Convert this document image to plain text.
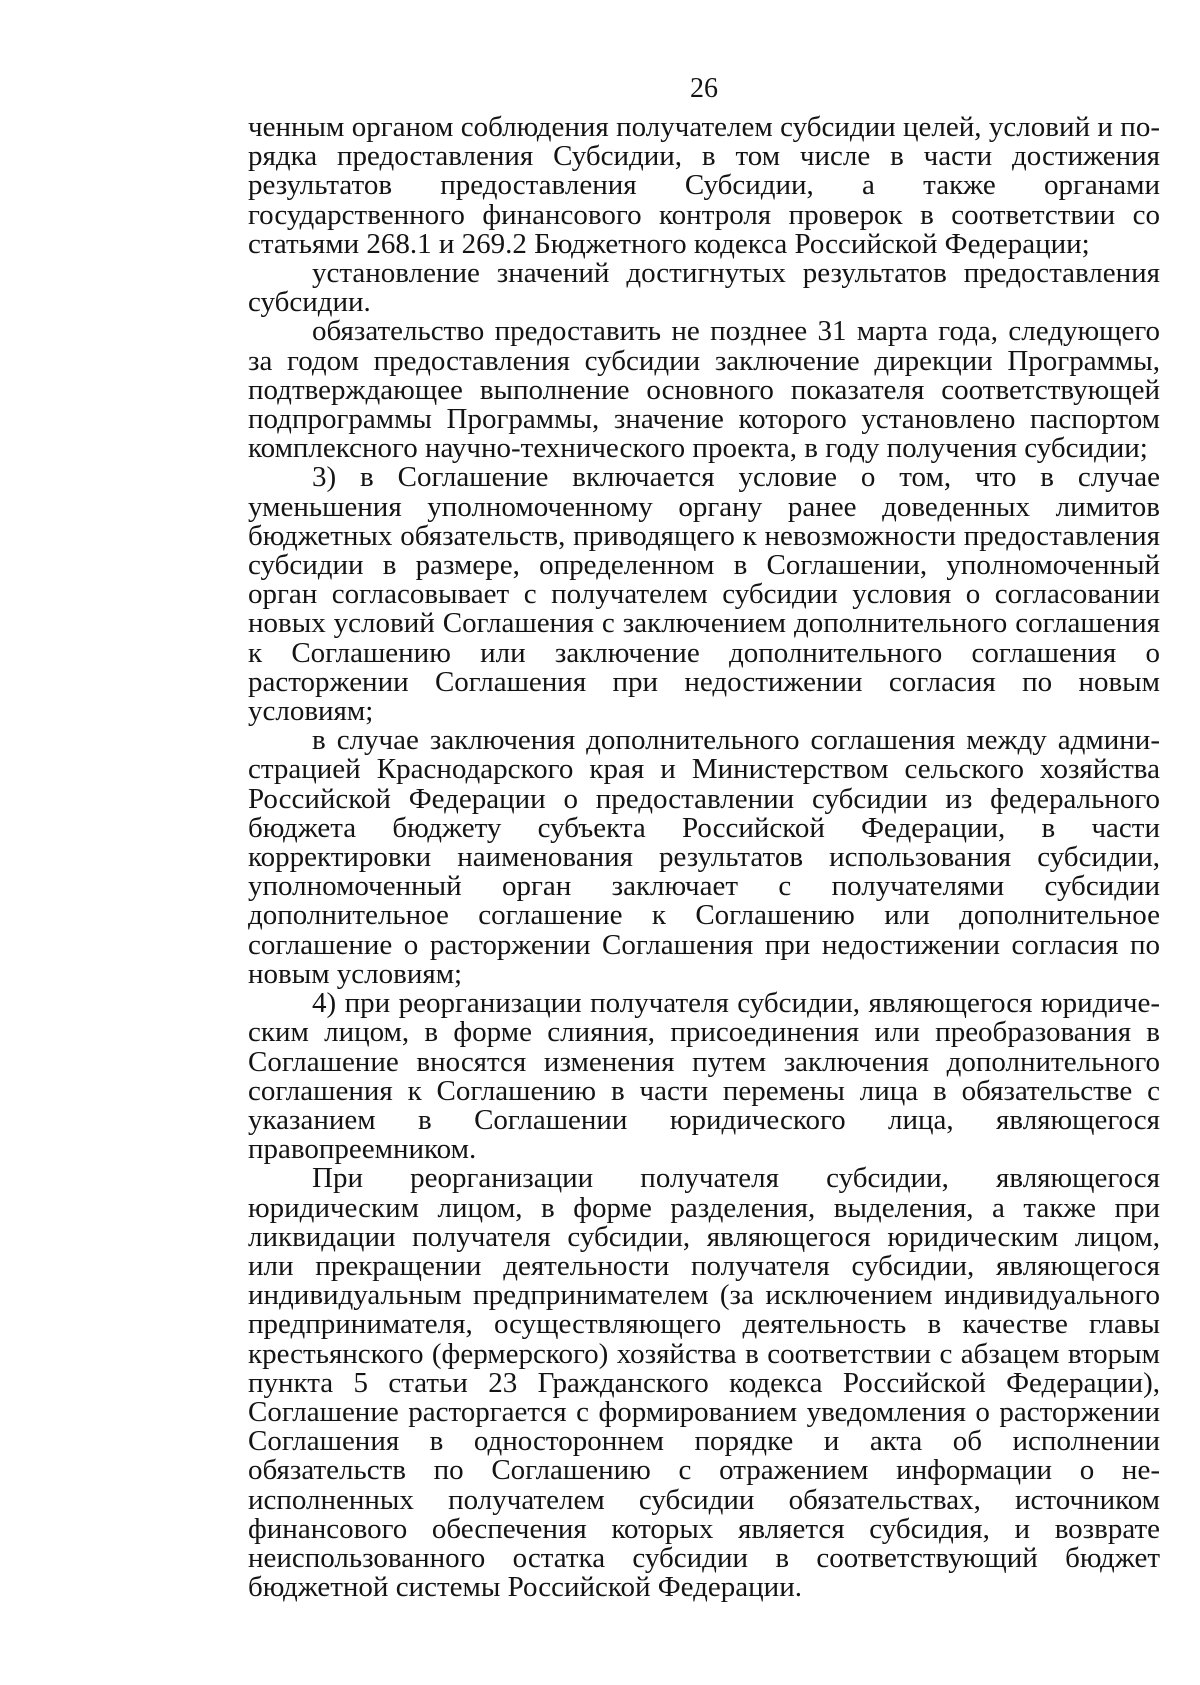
26

ченным органом соблюдения получателем субсидии целей, условий и порядка предоставления Субсидии, в том числе в части достижения результатов предоставления Субсидии, а также органами государственного финансового контроля проверок в соответствии со статьями 268.1 и 269.2 Бюджетного кодекса Российской Федерации;

установление значений достигнутых результатов предоставления субсидии.

обязательство предоставить не позднее 31 марта года, следующего за годом предоставления субсидии заключение дирекции Программы, подтверждающее выполнение основного показателя соответствующей подпрограммы Программы, значение которого установлено паспортом комплексного научно-технического проекта, в году получения субсидии;

3) в Соглашение включается условие о том, что в случае уменьшения уполномоченному органу ранее доведенных лимитов бюджетных обязательств, приводящего к невозможности предоставления субсидии в размере, определенном в Соглашении, уполномоченный орган согласовывает с получателем субсидии условия о согласовании новых условий Соглашения с заключением дополнительного соглашения к Соглашению или заключение дополнительного соглашения о расторжении Соглашения при недостижении согласия по новым условиям;

в случае заключения дополнительного соглашения между администрацией Краснодарского края и Министерством сельского хозяйства Российской Федерации о предоставлении субсидии из федерального бюджета бюджету субъекта Российской Федерации, в части корректировки наименования результатов использования субсидии, уполномоченный орган заключает с получателями субсидии дополнительное соглашение к Соглашению или дополнительное соглашение о расторжении Соглашения при недостижении согласия по новым условиям;

4) при реорганизации получателя субсидии, являющегося юридическим лицом, в форме слияния, присоединения или преобразования в Соглашение вносятся изменения путем заключения дополнительного соглашения к Соглашению в части перемены лица в обязательстве с указанием в Соглашении юридического лица, являющегося правопреемником.

При реорганизации получателя субсидии, являющегося юридическим лицом, в форме разделения, выделения, а также при ликвидации получателя субсидии, являющегося юридическим лицом, или прекращении деятельности получателя субсидии, являющегося индивидуальным предпринимателем (за исключением индивидуального предпринимателя, осуществляющего деятельность в качестве главы крестьянского (фермерского) хозяйства в соответствии с абзацем вторым пункта 5 статьи 23 Гражданского кодекса Российской Федерации), Соглашение расторгается с формированием уведомления о расторжении Соглашения в одностороннем порядке и акта об исполнении обязательств по Соглашению с отражением информации о неисполненных получателем субсидии обязательствах, источником финансового обеспечения которых является субсидия, и возврате неиспользованного остатка субсидии в соответствующий бюджет бюджетной системы Российской Федерации.
